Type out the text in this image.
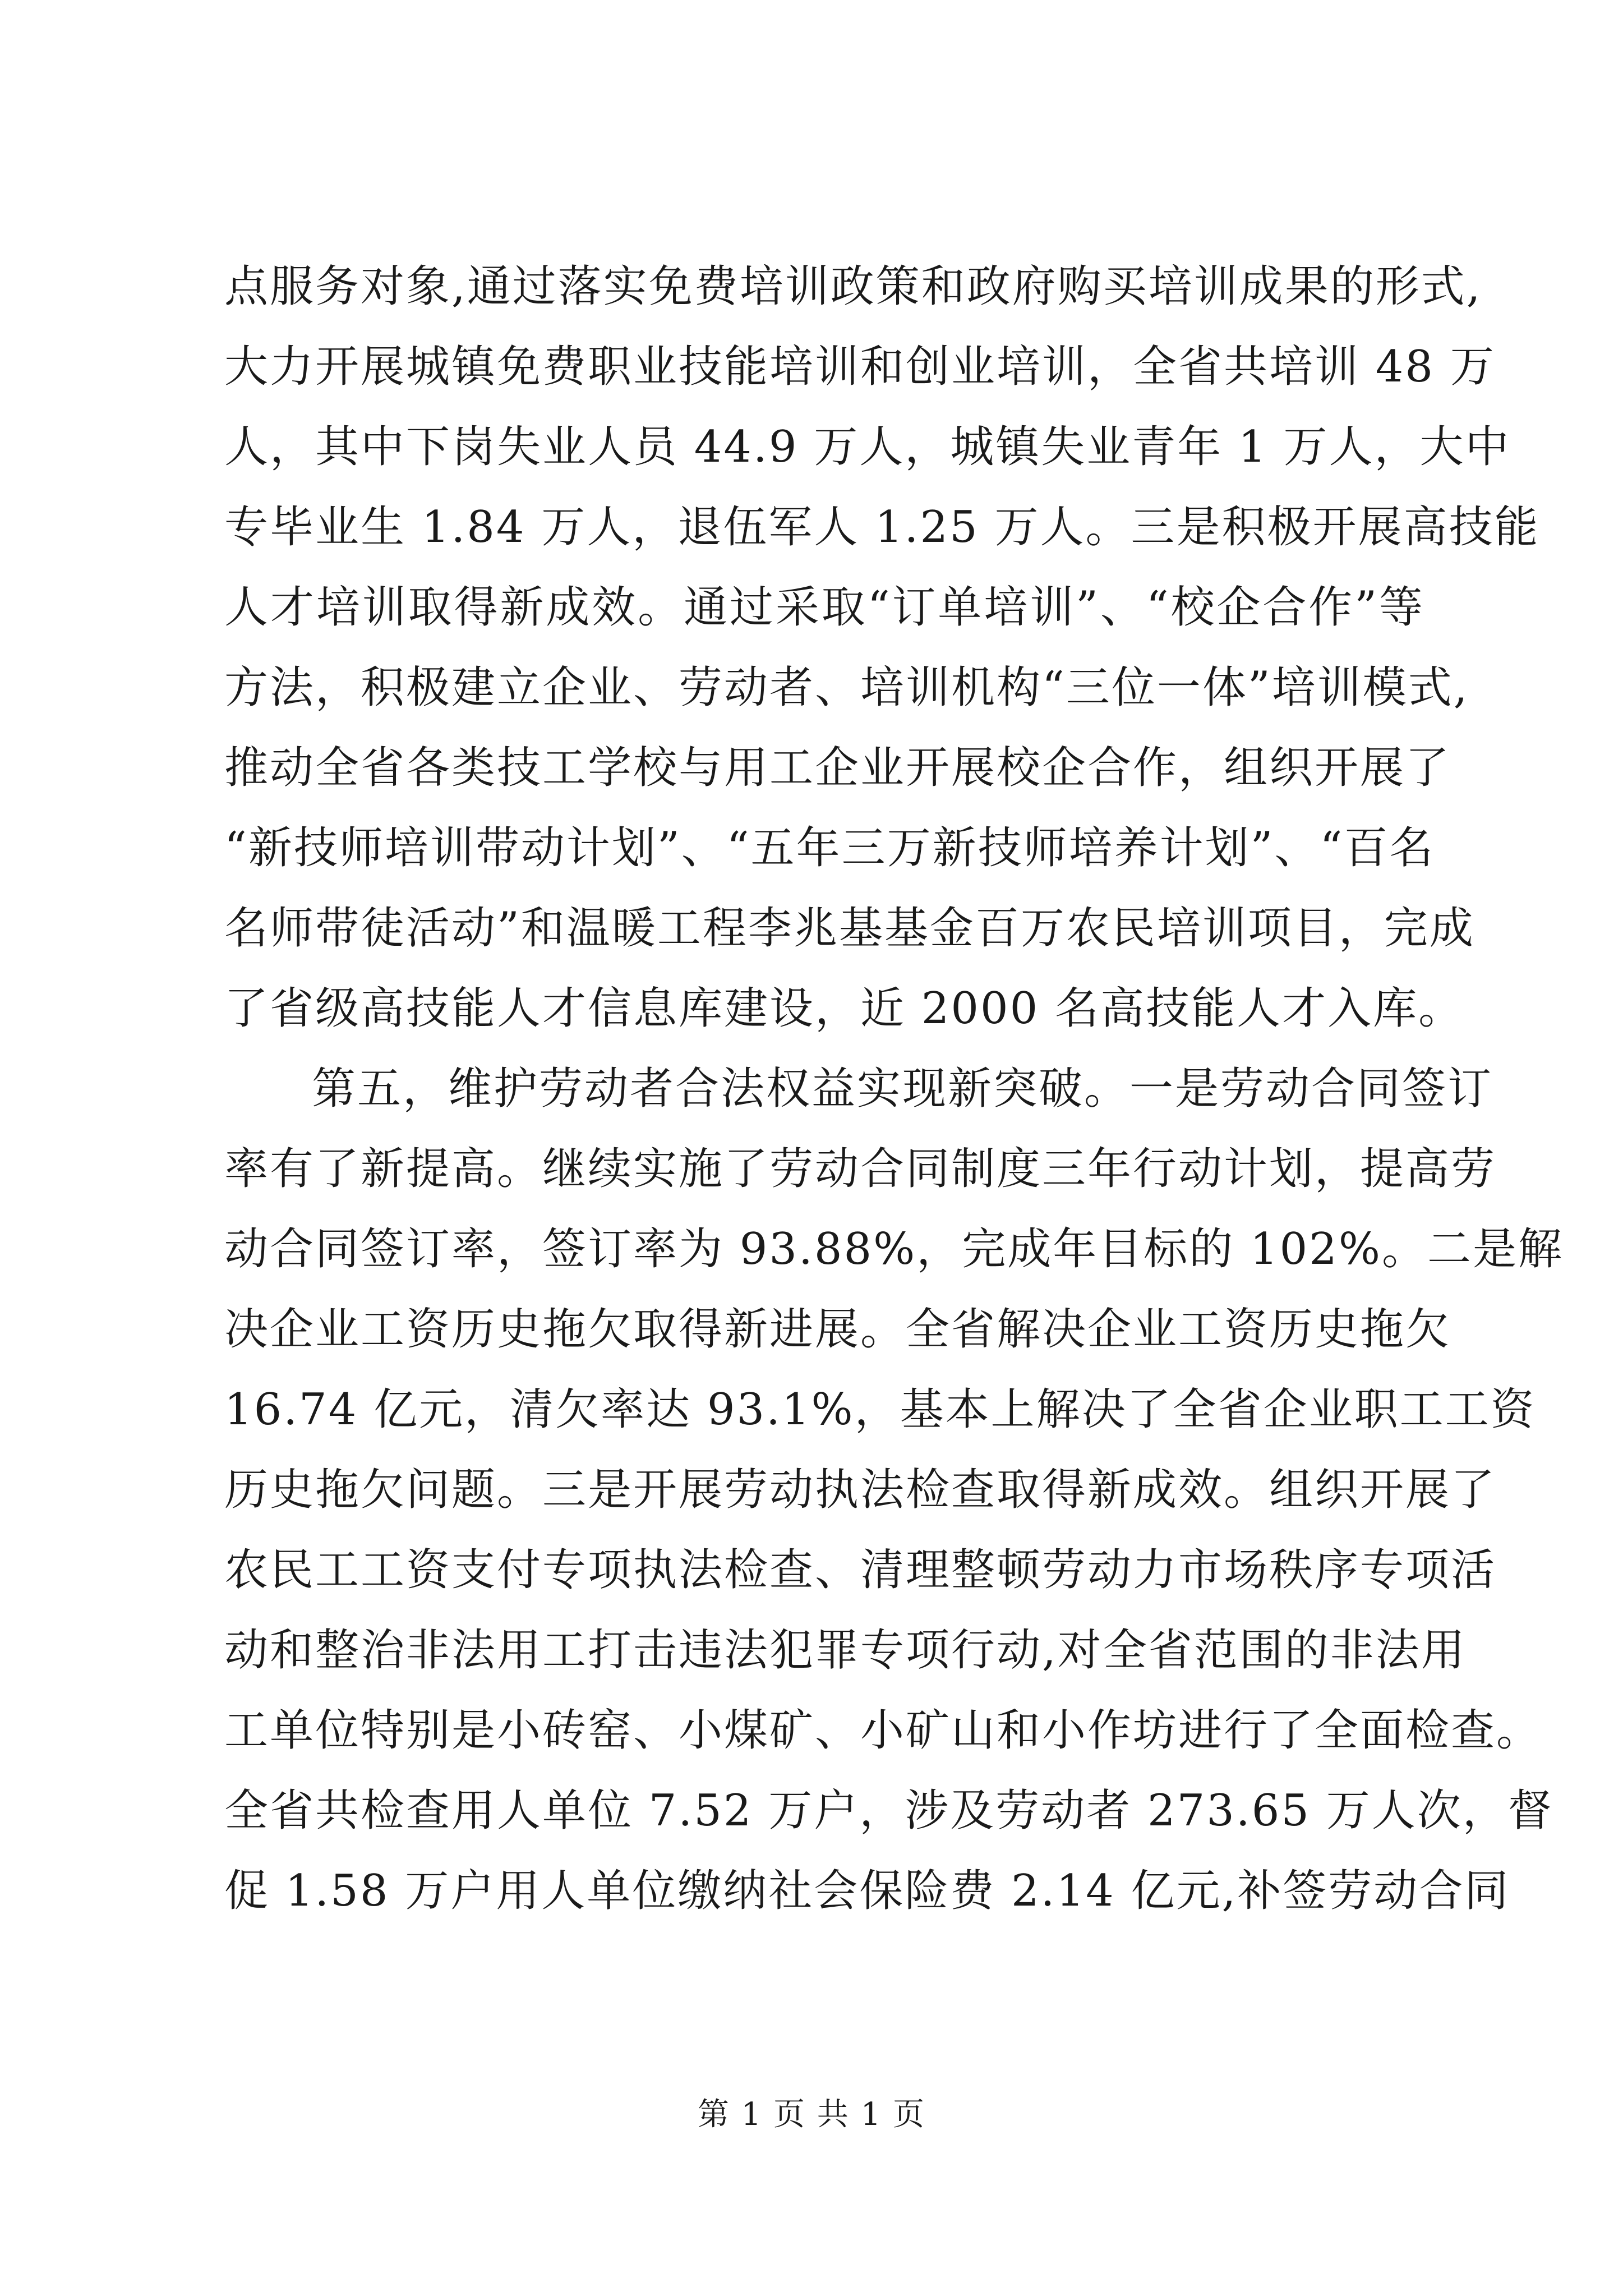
点服务对象,通过落实免费培训政策和政府购买培训成果的形式,
大力开展城镇免费职业技能培训和创业培训，全省共培训 48 万
人，其中下岗失业人员 44.9 万人，城镇失业青年 1 万人，大中
专毕业生 1.84 万人，退伍军人 1.25 万人。三是积极开展高技能
人才培训取得新成效。通过采取“订单培训”、“校企合作”等
方法，积极建立企业、劳动者、培训机构“三位一体”培训模式,
推动全省各类技工学校与用工企业开展校企合作，组织开展了
“新技师培训带动计划”、“五年三万新技师培养计划”、“百名
名师带徒活动”和温暖工程李兆基基金百万农民培训项目，完成
了省级高技能人才信息库建设，近 2000 名高技能人才入库。
第五，维护劳动者合法权益实现新突破。一是劳动合同签订
率有了新提高。继续实施了劳动合同制度三年行动计划，提高劳
动合同签订率，签订率为 93.88%，完成年目标的 102%。二是解
决企业工资历史拖欠取得新进展。全省解决企业工资历史拖欠
16.74 亿元，清欠率达 93.1%，基本上解决了全省企业职工工资
历史拖欠问题。三是开展劳动执法检查取得新成效。组织开展了
农民工工资支付专项执法检查、清理整顿劳动力市场秩序专项活
动和整治非法用工打击违法犯罪专项行动,对全省范围的非法用
工单位特别是小砖窑、小煤矿、小矿山和小作坊进行了全面检查。
全省共检查用人单位 7.52 万户，涉及劳动者 273.65 万人次，督
促 1.58 万户用人单位缴纳社会保险费 2.14 亿元,补签劳动合同
第 1 页 共 1 页
